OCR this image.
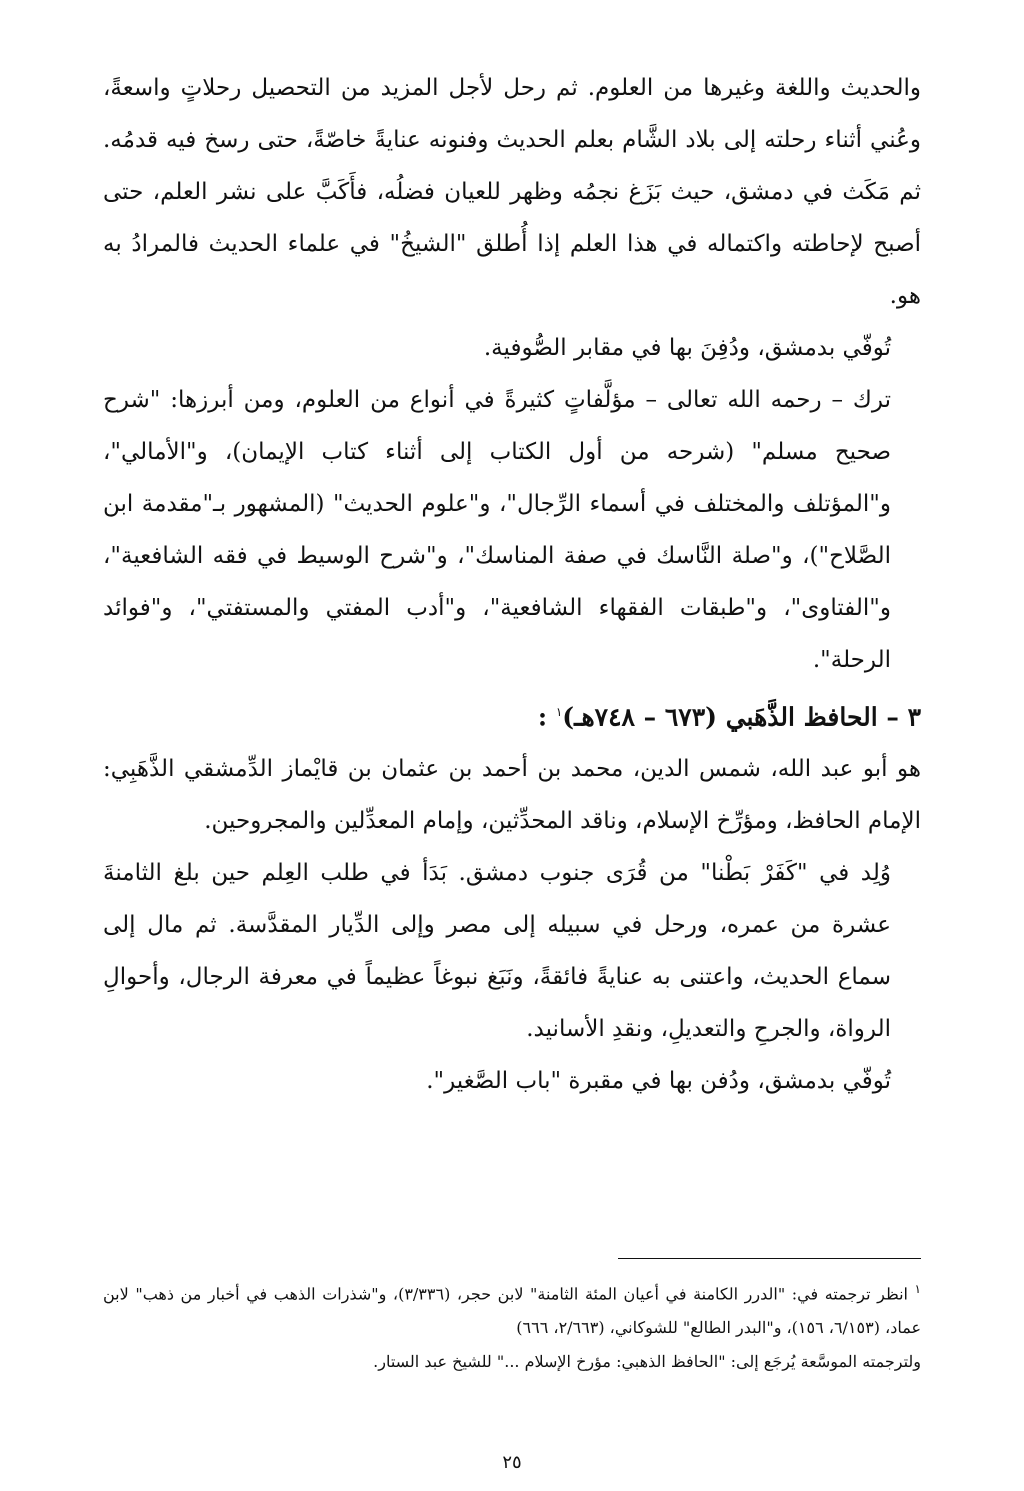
والحديث واللغة وغيرها من العلوم. ثم رحل لأجل المزيد من التحصيل رحلاتٍ واسعةً، وعُني أثناء رحلته إلى بلاد الشَّام بعلم الحديث وفنونه عنايةً خاصّةً، حتى رسخ فيه قدمُه. ثم مَكَث في دمشق، حيث بَزَغ نجمُه وظهر للعيان فضلُه، فأَكَبَّ على نشر العلم، حتى أصبح لإحاطته واكتماله في هذا العلم إذا أُطلق "الشيخُ" في علماء الحديث فالمرادُ به هو.

تُوفّي بدمشق، ودُفِنَ بها في مقابر الصُّوفية.

ترك – رحمه الله تعالى – مؤلَّفاتٍ كثيرةً في أنواع من العلوم، ومن أبرزها: "شرح صحيح مسلم" (شرحه من أول الكتاب إلى أثناء كتاب الإيمان)، و"الأمالي"، و"المؤتلف والمختلف في أسماء الرِّجال"، و"علوم الحديث" (المشهور بـ"مقدمة ابن الصَّلاح")، و"صلة النَّاسك في صفة المناسك"، و"شرح الوسيط في فقه الشافعية"، و"الفتاوى"، و"طبقات الفقهاء الشافعية"، و"أدب المفتي والمستفتي"، و"فوائد الرحلة".

٣ – الحافظ الذَّهَبي (٦٧٣ – ٧٤٨هـ)$^١$ :

هو أبو عبد الله، شمس الدين، محمد بن أحمد بن عثمان بن قايْماز الدِّمشقي الذَّهَبِي: الإمام الحافظ، ومؤرِّخ الإسلام، وناقد المحدِّثين، وإمام المعدِّلين والمجروحين.

وُلِد في "كَفَرْ بَطْنا" من قُرَى جنوب دمشق. بَدَأ في طلب العِلم حين بلغ الثامنةَ عشرة من عمره، ورحل في سبيله إلى مصر وإلى الدِّيار المقدَّسة. ثم مال إلى سماع الحديث، واعتنى به عنايةً فائقةً، ونَبَغ نبوغاً عظيماً في معرفة الرجال، وأحوالِ الرواة، والجرحِ والتعديلِ، ونقدِ الأسانيد.

تُوفّي بدمشق، ودُفن بها في مقبرة "باب الصَّغير".

$^١$ انظر ترجمته في: "الدرر الكامنة في أعيان المئة الثامنة" لابن حجر، (٣/٣٣٦)، و"شذرات الذهب في أخبار من ذهب" لابن عماد، (٦/١٥٣، ١٥٦)، و"البدر الطالع" للشوكاني، (٢/٦٦٣، ٦٦٦)

ولترجمته الموسَّعة يُرجَع إلى: "الحافظ الذهبي: مؤرخ الإسلام ..." للشيخ عبد الستار.

٢٥
